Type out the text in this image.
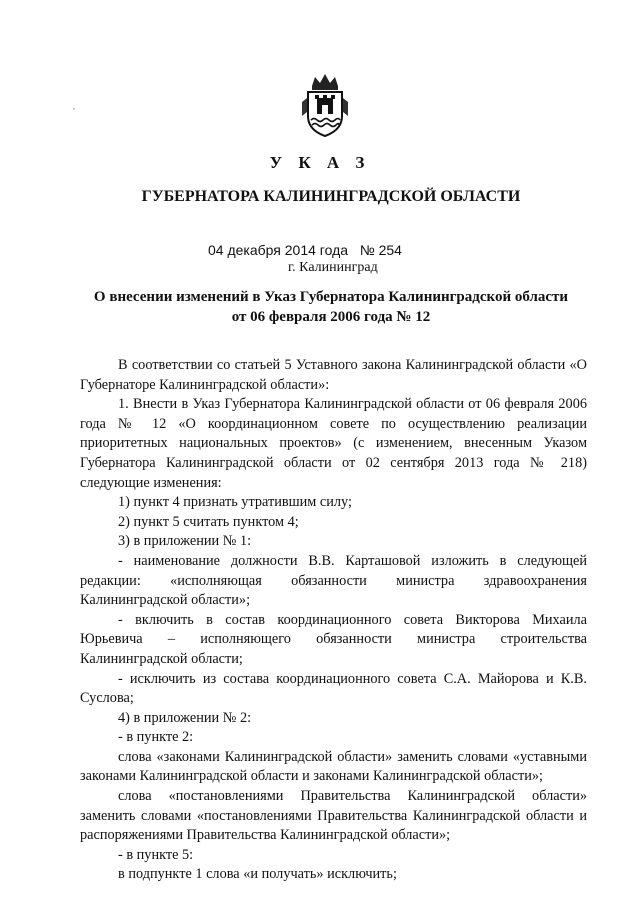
,
У К А З
ГУБЕРНАТОРА КАЛИНИНГРАДСКОЙ ОБЛАСТИ
04 декабря 2014 года   № 254
г. Калининград
О внесении изменений в Указ Губернатора Калининградской области
от 06 февраля 2006 года № 12

В соответствии со статьей 5 Уставного закона Калининградской области «О Губернаторе Калининградской области»:

1. Внести в Указ Губернатора Калининградской области от 06 февраля 2006 года № 12 «О координационном совете по осуществлению реализации приоритетных национальных проектов» (с изменением, внесенным Указом Губернатора Калининградской области от 02 сентября 2013 года № 218) следующие изменения:

1) пункт 4 признать утратившим силу;

2) пункт 5 считать пунктом 4;

3) в приложении № 1:

- наименование должности В.В. Карташовой изложить в следующей редакции: «исполняющая обязанности министра здравоохранения Калининградской области»;

- включить в состав координационного совета Викторова Михаила Юрьевича – исполняющего обязанности министра строительства Калининградской области;

- исключить из состава координационного совета С.А. Майорова и К.В. Суслова;

4) в приложении № 2:

- в пункте 2:

слова «законами Калининградской области» заменить словами «уставными законами Калининградской области и законами Калининградской области»;

слова «постановлениями Правительства Калининградской области» заменить словами «постановлениями Правительства Калининградской области и распоряжениями Правительства Калининградской области»;

- в пункте 5:

в подпункте 1 слова «и получать» исключить;
